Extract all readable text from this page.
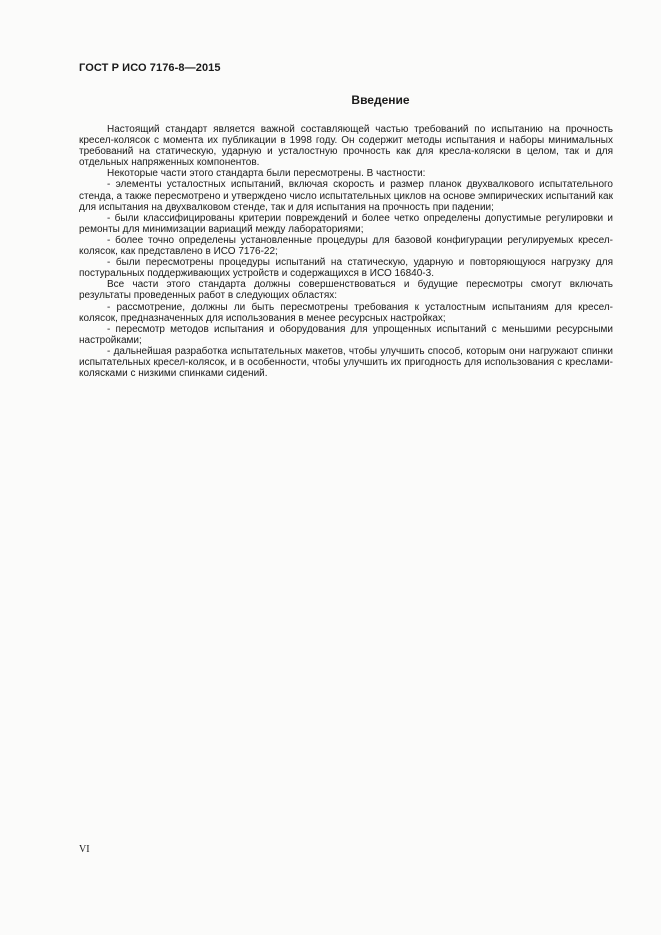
ГОСТ Р ИСО 7176-8—2015
Введение

Настоящий стандарт является важной составляющей частью требований по испытанию на прочность кресел-колясок с момента их публикации в 1998 году. Он содержит методы испытания и наборы минимальных требований на статическую, ударную и усталостную прочность как для кресла-коляски в целом, так и для отдельных напряженных компонентов.

Некоторые части этого стандарта были пересмотрены. В частности:

- элементы усталостных испытаний, включая скорость и размер планок двухвалкового испытательного стенда, а также пересмотрено и утверждено число испытательных циклов на основе эмпирических испытаний как для испытания на двухвалковом стенде, так и для испытания на прочность при падении;

- были классифицированы критерии повреждений и более четко определены допустимые регулировки и ремонты для минимизации вариаций между лабораториями;

- более точно определены установленные процедуры для базовой конфигурации регулируемых кресел-колясок, как представлено в ИСО 7176-22;

- были пересмотрены процедуры испытаний на статическую, ударную и повторяющуюся нагрузку для постуральных поддерживающих устройств и содержащихся в ИСО 16840-3.

Все части этого стандарта должны совершенствоваться и будущие пересмотры смогут включать результаты проведенных работ в следующих областях:

- рассмотрение, должны ли быть пересмотрены требования к усталостным испытаниям для кресел-колясок, предназначенных для использования в менее ресурсных настройках;

- пересмотр методов испытания и оборудования для упрощенных испытаний с меньшими ресурсными настройками;

- дальнейшая разработка испытательных макетов, чтобы улучшить способ, которым они нагружают спинки испытательных кресел-колясок, и в особенности, чтобы улучшить их пригодность для использования с креслами-колясками с низкими спинками сидений.

VI
